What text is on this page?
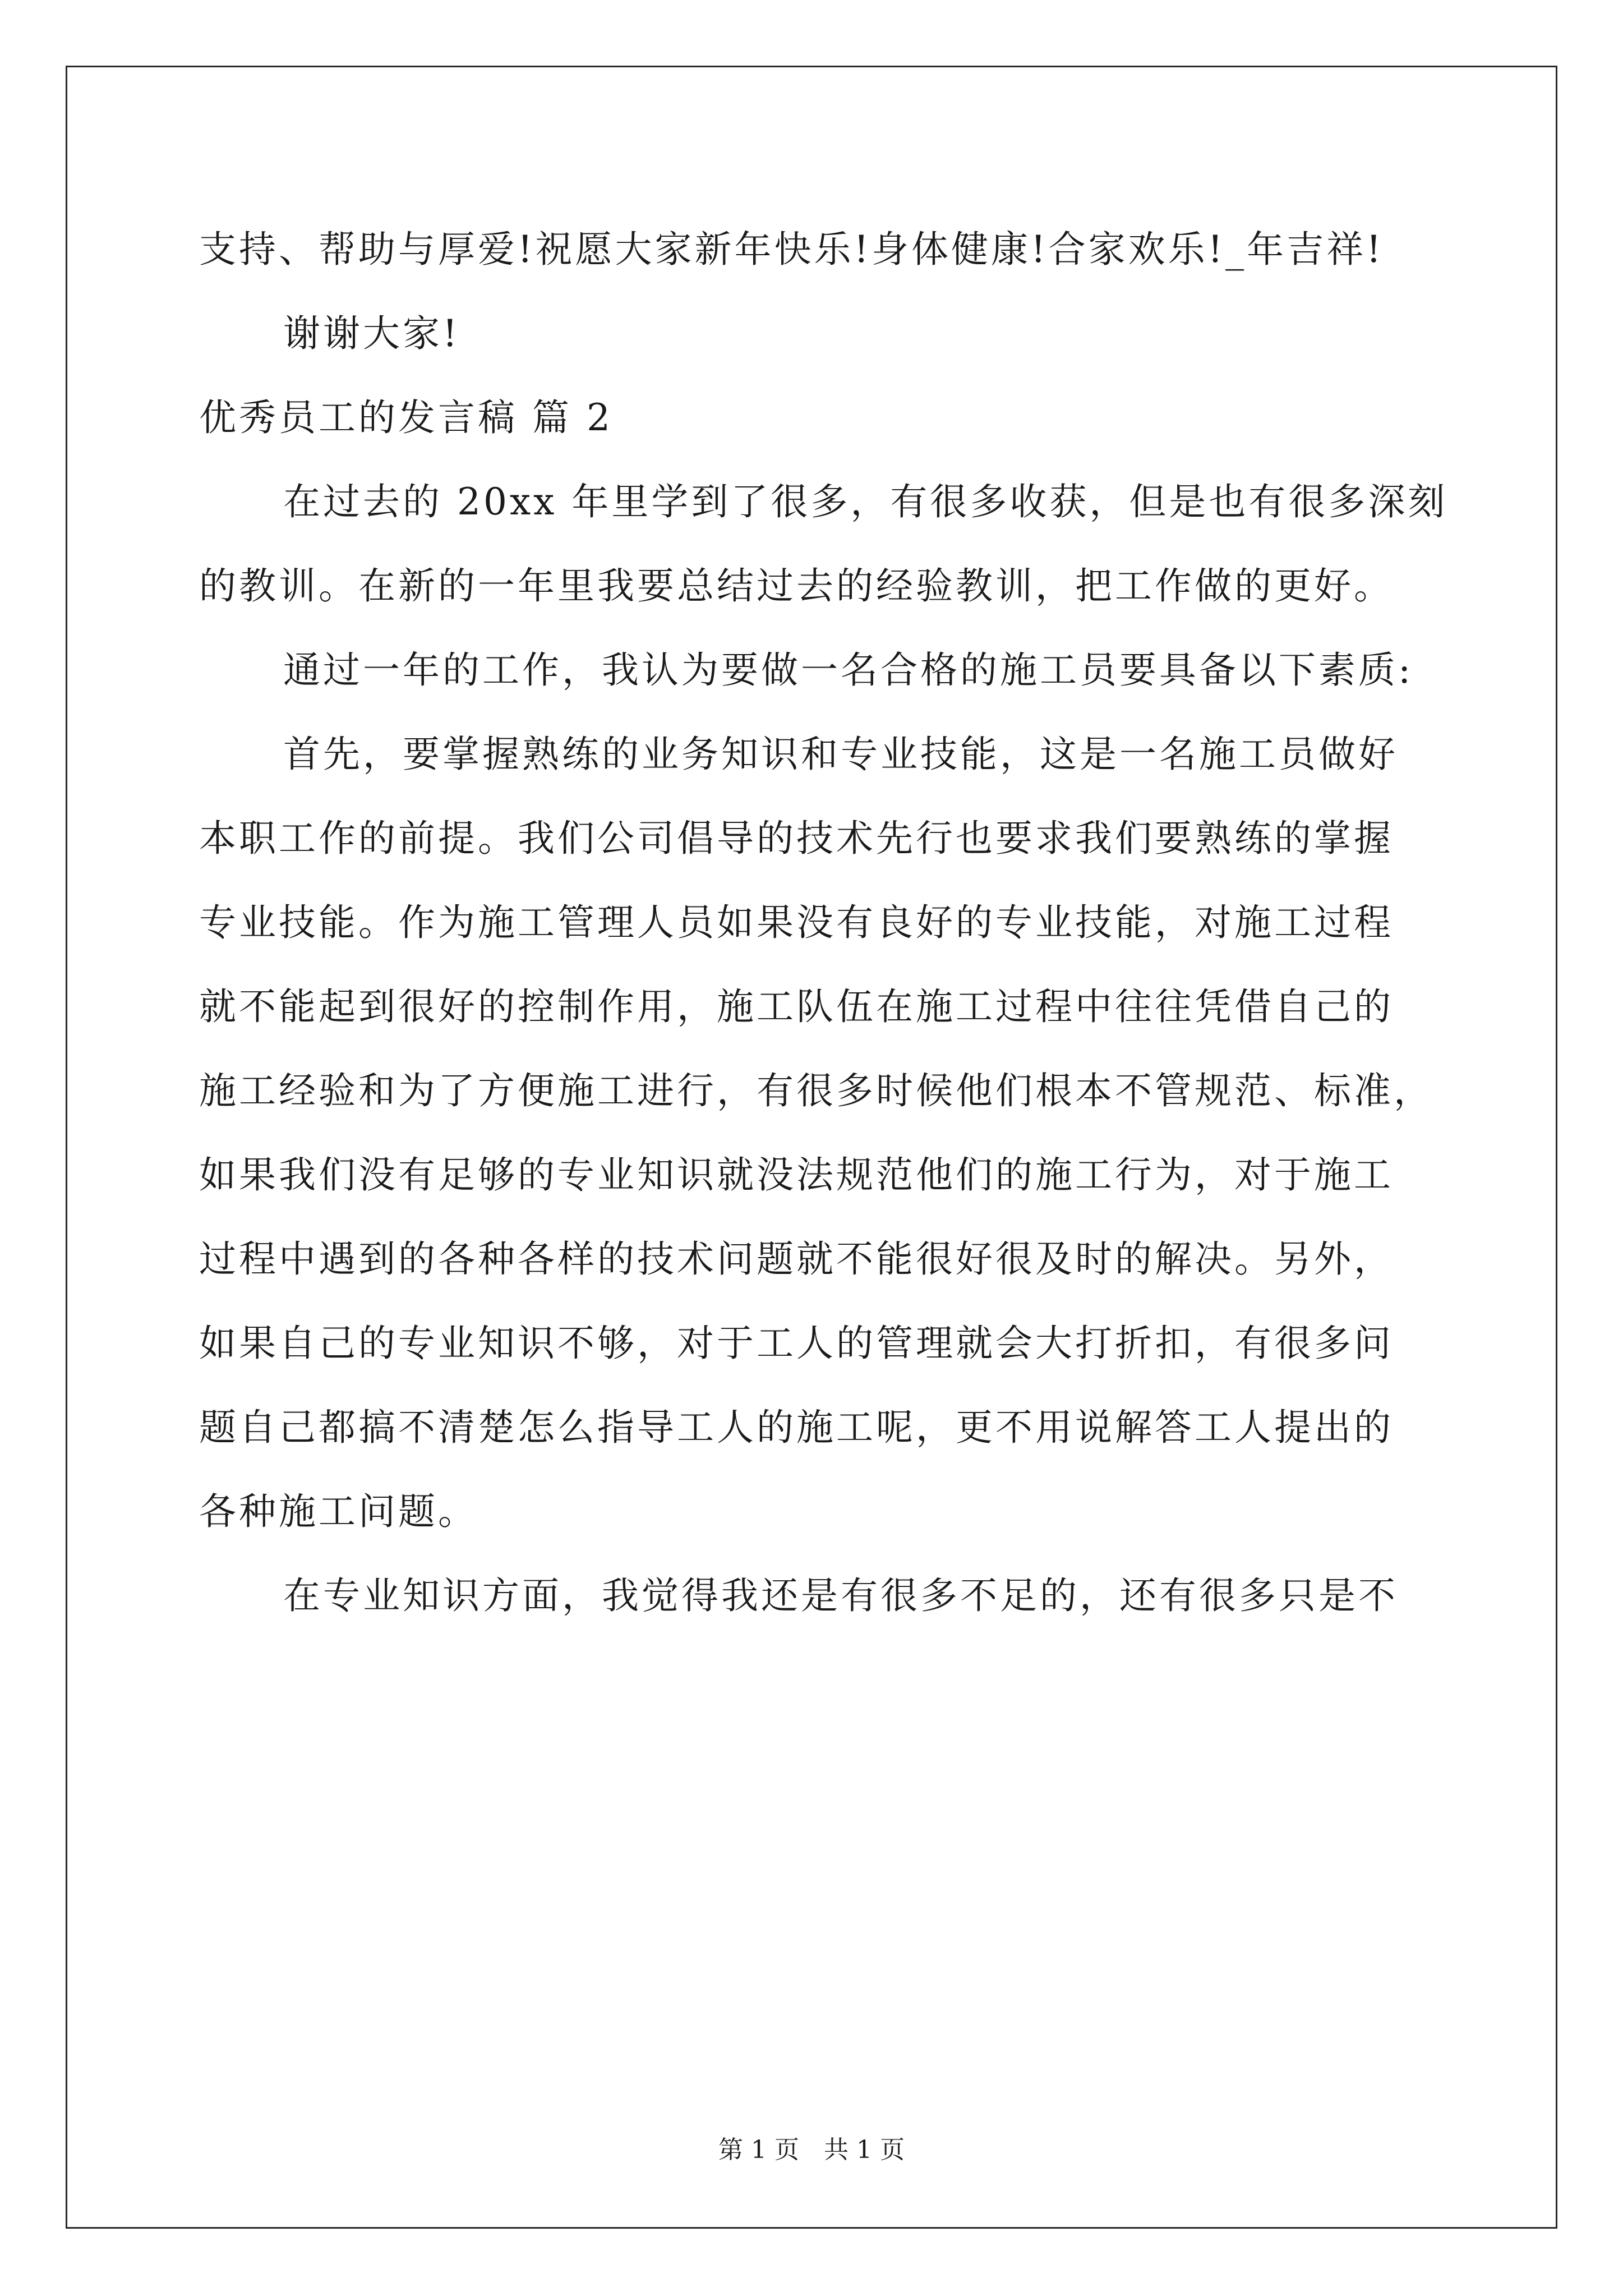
支持、帮助与厚爱!祝愿大家新年快乐!身体健康!合家欢乐!_年吉祥!
谢谢大家!
优秀员工的发言稿 篇 2
在过去的 20xx 年里学到了很多，有很多收获，但是也有很多深刻
的教训。在新的一年里我要总结过去的经验教训，把工作做的更好。
通过一年的工作，我认为要做一名合格的施工员要具备以下素质:
首先，要掌握熟练的业务知识和专业技能，这是一名施工员做好
本职工作的前提。我们公司倡导的技术先行也要求我们要熟练的掌握
专业技能。作为施工管理人员如果没有良好的专业技能，对施工过程
就不能起到很好的控制作用，施工队伍在施工过程中往往凭借自己的
施工经验和为了方便施工进行，有很多时候他们根本不管规范、标准，
如果我们没有足够的专业知识就没法规范他们的施工行为，对于施工
过程中遇到的各种各样的技术问题就不能很好很及时的解决。另外，
如果自己的专业知识不够，对于工人的管理就会大打折扣，有很多问
题自己都搞不清楚怎么指导工人的施工呢，更不用说解答工人提出的
各种施工问题。
在专业知识方面，我觉得我还是有很多不足的，还有很多只是不
第 1 页　共 1 页
